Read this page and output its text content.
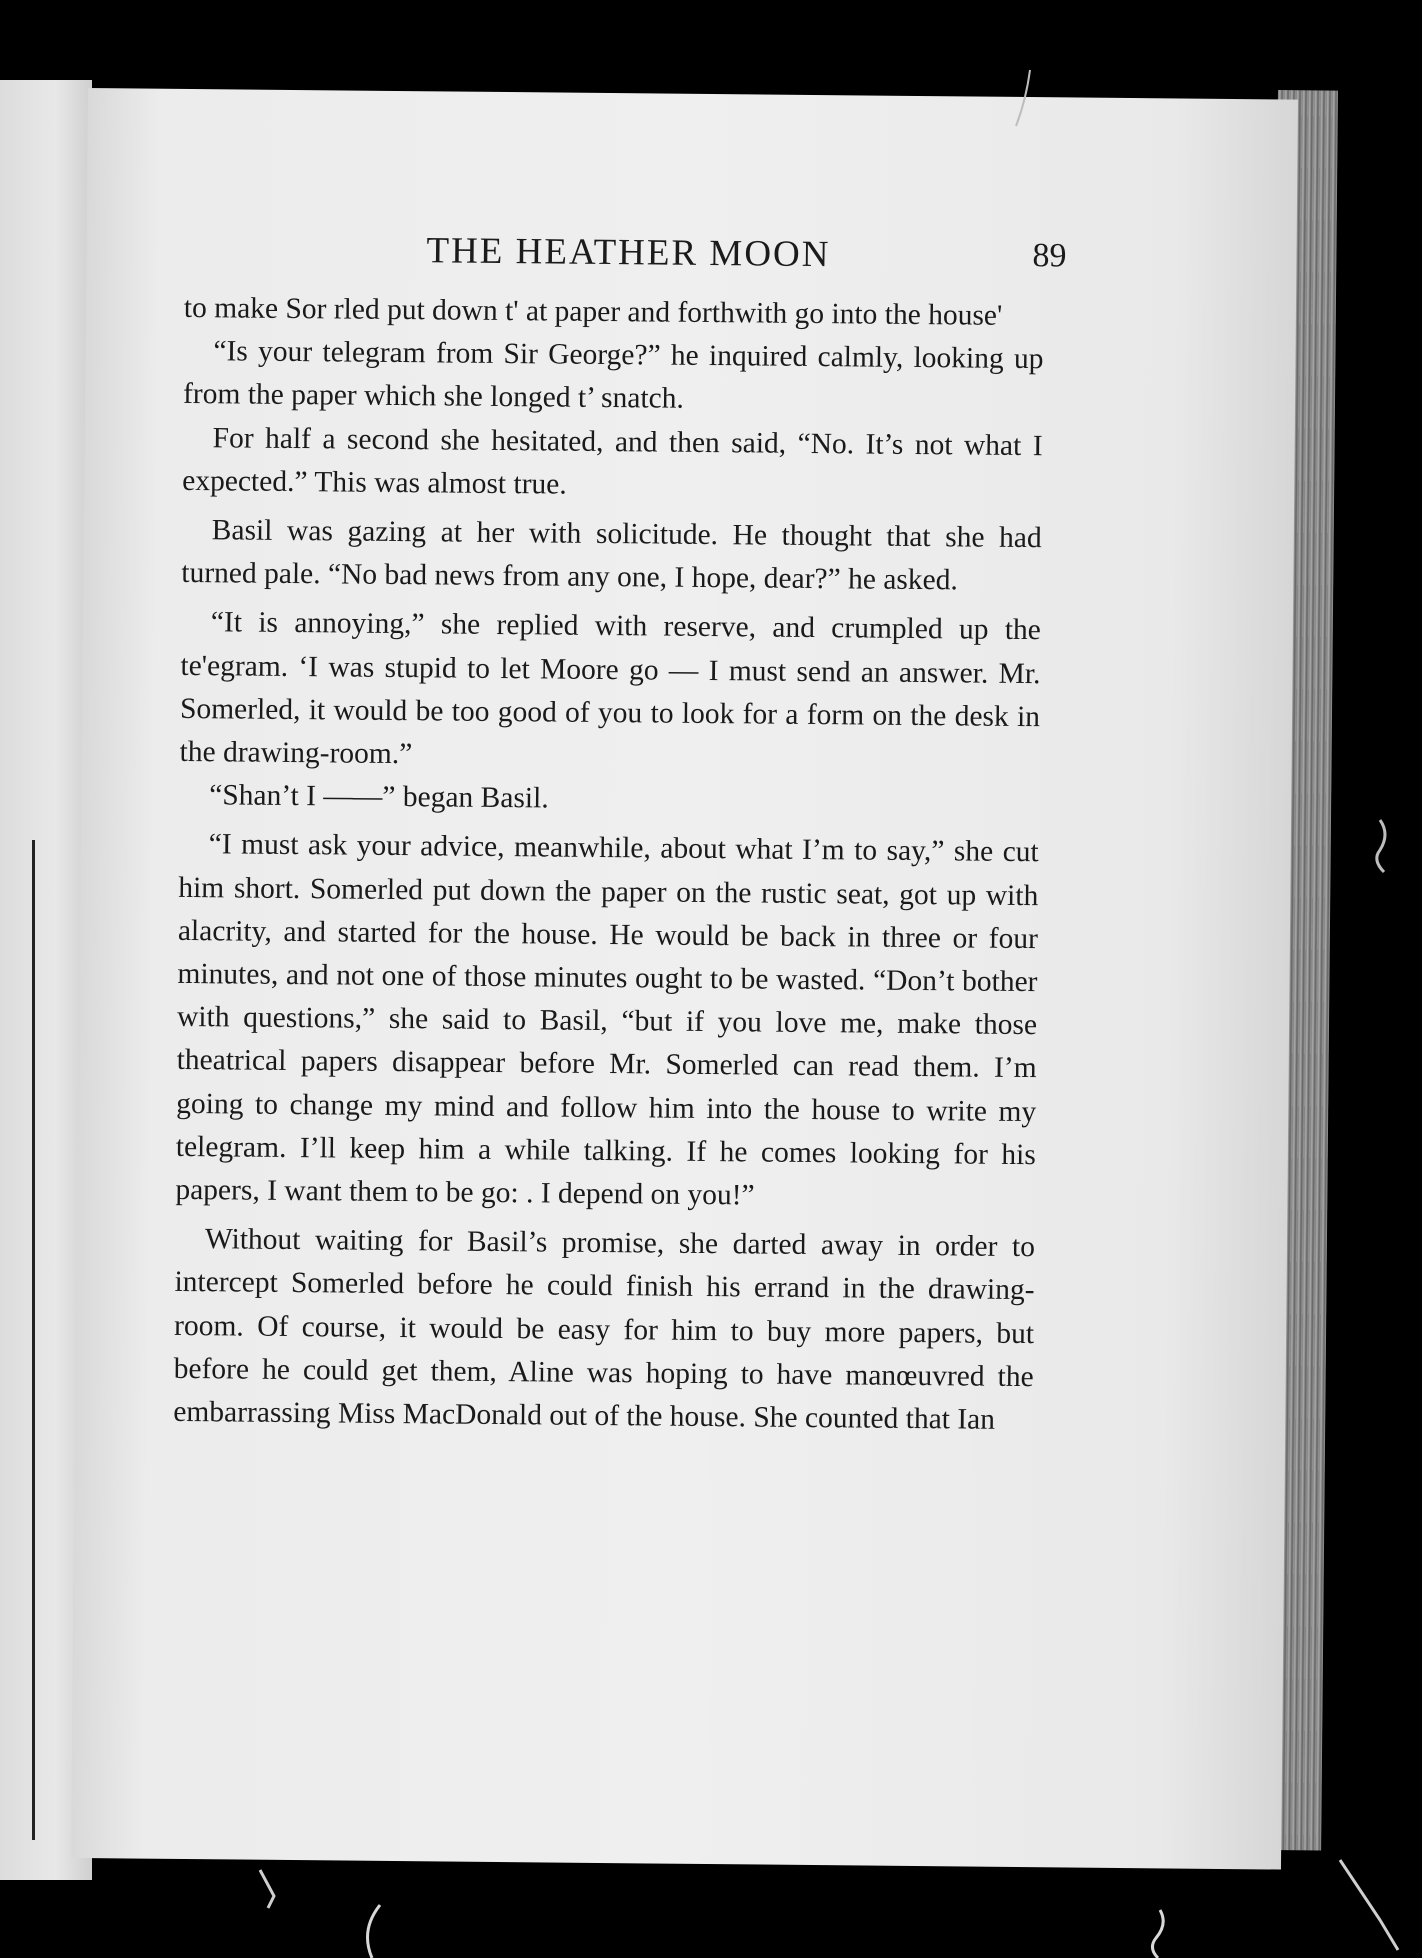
THE HEATHER MOON	89

to make Sor rled put down t' at paper and forthwith go into the house'

“Is your telegram from Sir George?” he inquired calmly, looking up from the paper which she longed t’ snatch.

For half a second she hesitated, and then said, “No. It’s not what I expected.” This was almost true.

Basil was gazing at her with solicitude. He thought that she had turned pale. “No bad news from any one, I hope, dear?” he asked.

“It is annoying,” she replied with reserve, and crumpled up the te'egram. ‘I was stupid to let Moore go — I must send an answer. Mr. Somerled, it would be too good of you to look for a form on the desk in the drawing-room.”

“Shan’t I ——” began Basil.

“I must ask your advice, meanwhile, about what I’m to say,” she cut him short. Somerled put down the paper on the rustic seat, got up with alacrity, and started for the house. He would be back in three or four minutes, and not one of those minutes ought to be wasted. “Don’t bother with questions,” she said to Basil, “but if you love me, make those theatrical papers disappear before Mr. Somerled can read them. I’m going to change my mind and follow him into the house to write my telegram. I’ll keep him a while talking. If he comes looking for his papers, I want them to be go: . I depend on you!”

Without waiting for Basil’s promise, she darted away in order to intercept Somerled before he could finish his errand in the drawing-room. Of course, it would be easy for him to buy more papers, but before he could get them, Aline was hoping to have manœuvred the embarrassing Miss MacDonald out of the house. She counted that Ian
